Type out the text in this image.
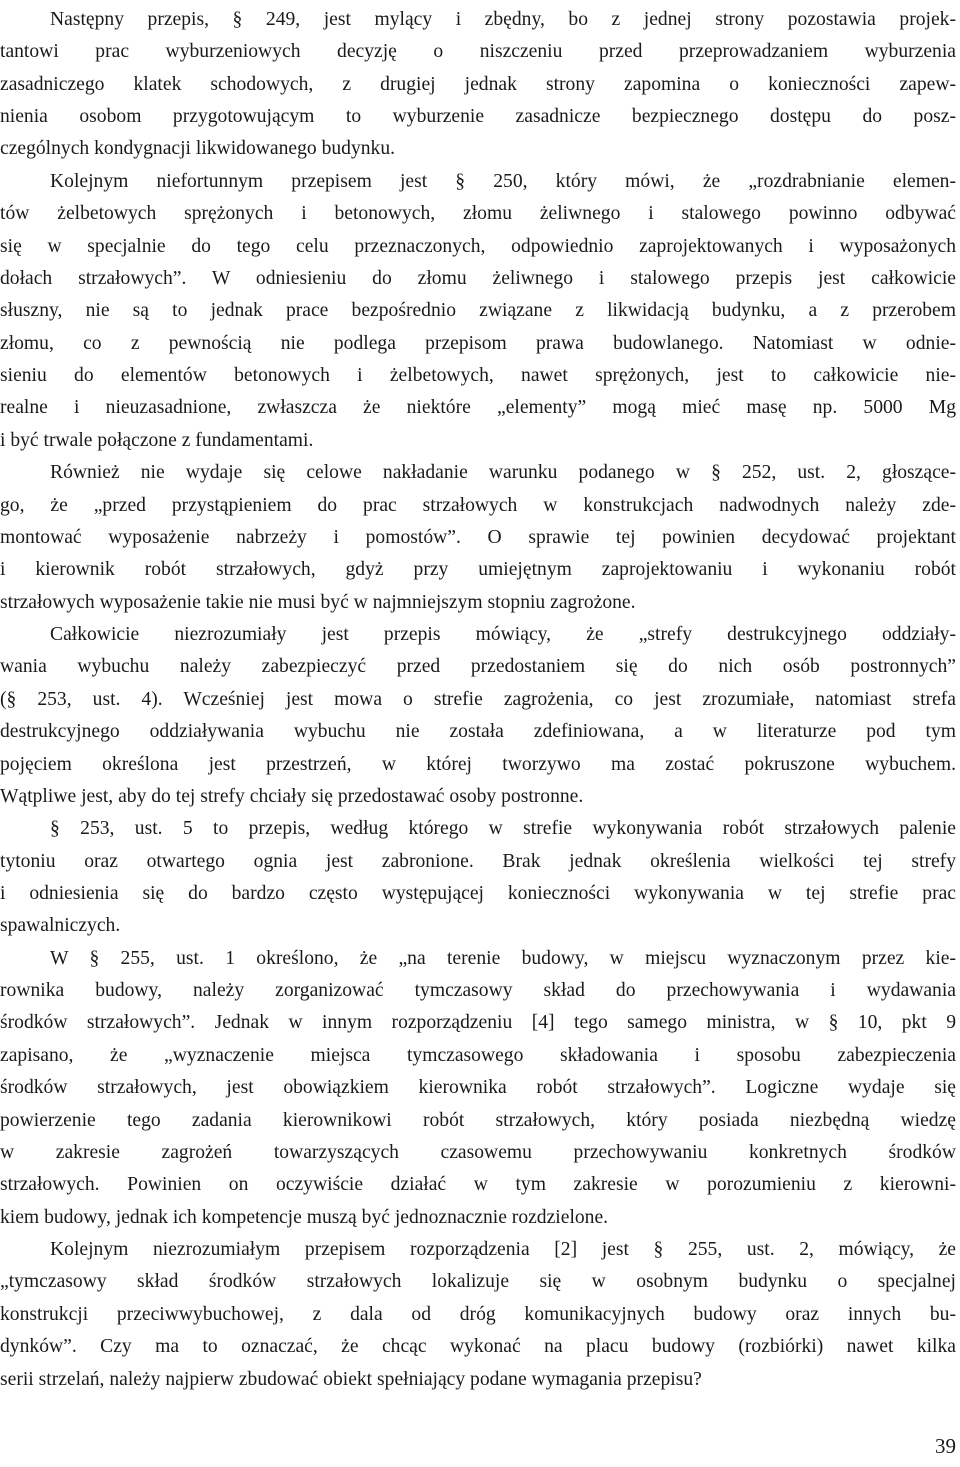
Następny przepis, § 249, jest mylący i zbędny, bo z jednej strony pozostawia projek-
tantowi prac wyburzeniowych decyzję o niszczeniu przed przeprowadzaniem wyburzenia
zasadniczego klatek schodowych, z drugiej jednak strony zapomina o konieczności zapew-
nienia osobom przygotowującym to wyburzenie zasadnicze bezpiecznego dostępu do posz-
czególnych kondygnacji likwidowanego budynku.
Kolejnym niefortunnym przepisem jest § 250, który mówi, że „rozdrabnianie elemen-
tów żelbetowych sprężonych i betonowych, złomu żeliwnego i stalowego powinno odbywać
się w specjalnie do tego celu przeznaczonych, odpowiednio zaprojektowanych i wyposażonych
dołach strzałowych”. W odniesieniu do złomu żeliwnego i stalowego przepis jest całkowicie
słuszny, nie są to jednak prace bezpośrednio związane z likwidacją budynku, a z przerobem
złomu, co z pewnością nie podlega przepisom prawa budowlanego. Natomiast w odnie-
sieniu do elementów betonowych i żelbetowych, nawet sprężonych, jest to całkowicie nie-
realne i nieuzasadnione, zwłaszcza że niektóre „elementy” mogą mieć masę np. 5000 Mg
i być trwale połączone z fundamentami.
Również nie wydaje się celowe nakładanie warunku podanego w § 252, ust. 2, głoszące-
go, że „przed przystąpieniem do prac strzałowych w konstrukcjach nadwodnych należy zde-
montować wyposażenie nabrzeży i pomostów”. O sprawie tej powinien decydować projektant
i kierownik robót strzałowych, gdyż przy umiejętnym zaprojektowaniu i wykonaniu robót
strzałowych wyposażenie takie nie musi być w najmniejszym stopniu zagrożone.
Całkowicie niezrozumiały jest przepis mówiący, że „strefy destrukcyjnego oddziały-
wania wybuchu należy zabezpieczyć przed przedostaniem się do nich osób postronnych”
(§ 253, ust. 4). Wcześniej jest mowa o strefie zagrożenia, co jest zrozumiałe, natomiast strefa
destrukcyjnego oddziaływania wybuchu nie została zdefiniowana, a w literaturze pod tym
pojęciem określona jest przestrzeń, w której tworzywo ma zostać pokruszone wybuchem.
Wątpliwe jest, aby do tej strefy chciały się przedostawać osoby postronne.
§ 253, ust. 5 to przepis, według którego w strefie wykonywania robót strzałowych palenie
tytoniu oraz otwartego ognia jest zabronione. Brak jednak określenia wielkości tej strefy
i odniesienia się do bardzo często występującej konieczności wykonywania w tej strefie prac
spawalniczych.
W § 255, ust. 1 określono, że „na terenie budowy, w miejscu wyznaczonym przez kie-
rownika budowy, należy zorganizować tymczasowy skład do przechowywania i wydawania
środków strzałowych”. Jednak w innym rozporządzeniu [4] tego samego ministra, w § 10, pkt 9
zapisano, że „wyznaczenie miejsca tymczasowego składowania i sposobu zabezpieczenia
środków strzałowych, jest obowiązkiem kierownika robót strzałowych”. Logiczne wydaje się
powierzenie tego zadania kierownikowi robót strzałowych, który posiada niezbędną wiedzę
w zakresie zagrożeń towarzyszących czasowemu przechowywaniu konkretnych środków
strzałowych. Powinien on oczywiście działać w tym zakresie w porozumieniu z kierowni-
kiem budowy, jednak ich kompetencje muszą być jednoznacznie rozdzielone.
Kolejnym niezrozumiałym przepisem rozporządzenia [2] jest § 255, ust. 2, mówiący, że
„tymczasowy skład środków strzałowych lokalizuje się w osobnym budynku o specjalnej
konstrukcji przeciwwybuchowej, z dala od dróg komunikacyjnych budowy oraz innych bu-
dynków”. Czy ma to oznaczać, że chcąc wykonać na placu budowy (rozbiórki) nawet kilka
serii strzelań, należy najpierw zbudować obiekt spełniający podane wymagania przepisu?
39
